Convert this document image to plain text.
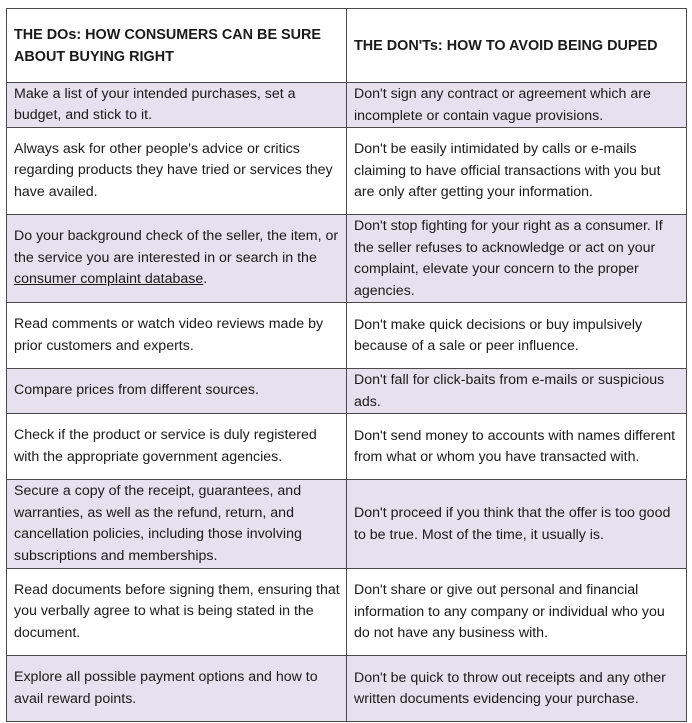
THE DOs: HOW CONSUMERS CAN BE SURE ABOUT BUYING RIGHT	THE DON'Ts: HOW TO AVOID BEING DUPED
Make a list of your intended purchases, set a budget, and stick to it.	Don't sign any contract or agreement which are incomplete or contain vague provisions.
Always ask for other people's advice or critics regarding products they have tried or services they have availed.	Don't be easily intimidated by calls or e-mails claiming to have official transactions with you but are only after getting your information.
Do your background check of the seller, the item, or the service you are interested in or search in the consumer complaint database.	Don't stop fighting for your right as a consumer. If the seller refuses to acknowledge or act on your complaint, elevate your concern to the proper agencies.
Read comments or watch video reviews made by prior customers and experts.	Don't make quick decisions or buy impulsively because of a sale or peer influence.
Compare prices from different sources.	Don't fall for click-baits from e-mails or suspicious ads.
Check if the product or service is duly registered with the appropriate government agencies.	Don't send money to accounts with names different from what or whom you have transacted with.
Secure a copy of the receipt, guarantees, and warranties, as well as the refund, return, and cancellation policies, including those involving subscriptions and memberships.	Don't proceed if you think that the offer is too good to be true. Most of the time, it usually is.
Read documents before signing them, ensuring that you verbally agree to what is being stated in the document.	Don't share or give out personal and financial information to any company or individual who you do not have any business with.
Explore all possible payment options and how to avail reward points.	Don't be quick to throw out receipts and any other written documents evidencing your purchase.
